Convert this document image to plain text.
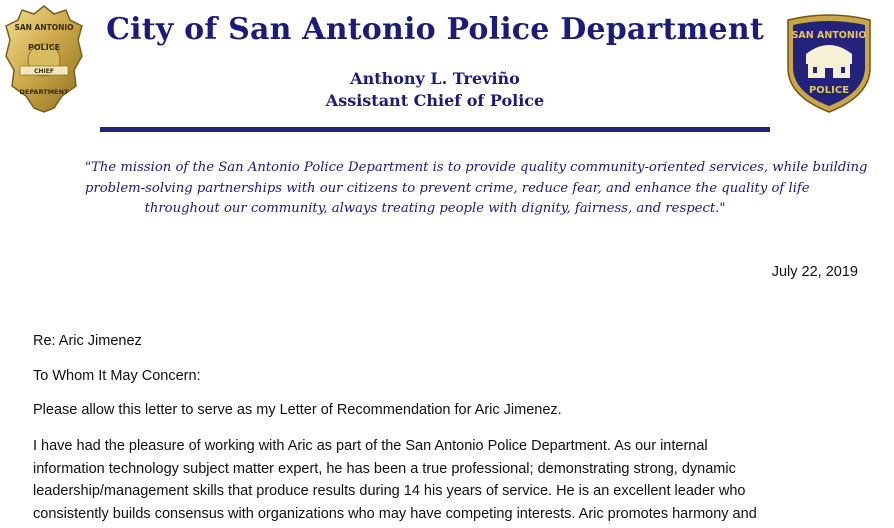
SAN ANTONIO
POLICE
CHIEF
DEPARTMENT
City of San Antonio Police Department
Anthony L. Treviño
Assistant Chief of Police
SAN ANTONIO
POLICE
"The mission of the San Antonio Police Department is to provide quality community-oriented services, while building
problem-solving partnerships with our citizens to prevent crime, reduce fear, and enhance the quality of life
throughout our community, always treating people with dignity, fairness, and respect."
July 22, 2019
Re: Aric Jimenez
To Whom It May Concern:
Please allow this letter to serve as my Letter of Recommendation for Aric Jimenez.
I have had the pleasure of working with Aric as part of the San Antonio Police Department. As our internal
information technology subject matter expert, he has been a true professional; demonstrating strong, dynamic
leadership/management skills that produce results during 14 his years of service. He is an excellent leader who
consistently builds consensus with organizations who may have competing interests. Aric promotes harmony and
